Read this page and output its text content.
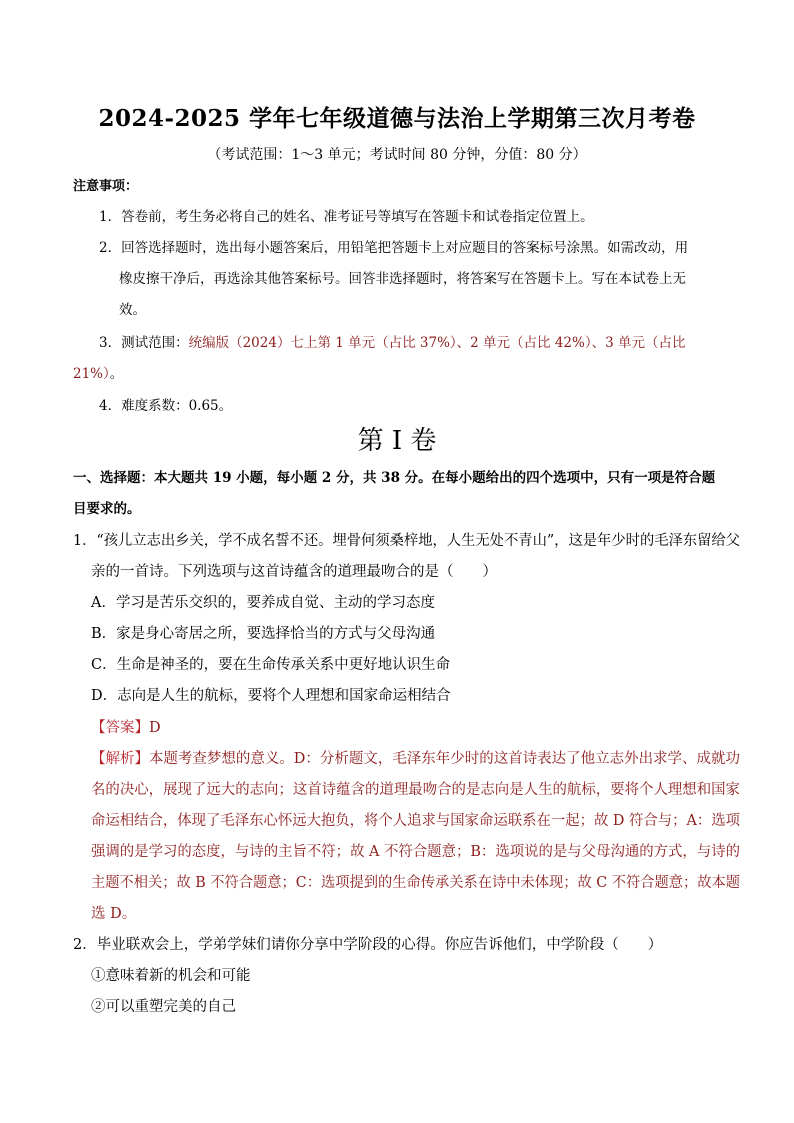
2024-2025 学年七年级道德与法治上学期第三次月考卷
（考试范围：1～3 单元；考试时间 80 分钟，分值：80 分）
注意事项：
1．答卷前，考生务必将自己的姓名、准考证号等填写在答题卡和试卷指定位置上。
2．回答选择题时，选出每小题答案后，用铅笔把答题卡上对应题目的答案标号涂黑。如需改动，用
橡皮擦干净后，再选涂其他答案标号。回答非选择题时，将答案写在答题卡上。写在本试卷上无
效。
3．测试范围：统编版（2024）七上第 1 单元（占比 37%）、2 单元（占比 42%）、3 单元（占比
21%）。
4．难度系数：0.65。
第 I 卷
一、选择题：本大题共 19 小题，每小题 2 分，共 38 分。在每小题给出的四个选项中，只有一项是符合题
目要求的。
1．“孩儿立志出乡关，学不成名誓不还。埋骨何须桑梓地，人生无处不青山”，这是年少时的毛泽东留给父
亲的一首诗。下列选项与这首诗蕴含的道理最吻合的是（　　）
A．学习是苦乐交织的，要养成自觉、主动的学习态度
B．家是身心寄居之所，要选择恰当的方式与父母沟通
C．生命是神圣的，要在生命传承关系中更好地认识生命
D．志向是人生的航标，要将个人理想和国家命运相结合
【答案】D
【解析】本题考查梦想的意义。D：分析题文，毛泽东年少时的这首诗表达了他立志外出求学、成就功
名的决心，展现了远大的志向；这首诗蕴含的道理最吻合的是志向是人生的航标，要将个人理想和国家
命运相结合，体现了毛泽东心怀远大抱负，将个人追求与国家命运联系在一起；故 D 符合与；A：选项
强调的是学习的态度，与诗的主旨不符；故 A 不符合题意；B：选项说的是与父母沟通的方式，与诗的
主题不相关；故 B 不符合题意；C：选项提到的生命传承关系在诗中未体现；故 C 不符合题意；故本题
选 D。
2．毕业联欢会上，学弟学妹们请你分享中学阶段的心得。你应告诉他们，中学阶段（　　）
①意味着新的机会和可能
②可以重塑完美的自己
